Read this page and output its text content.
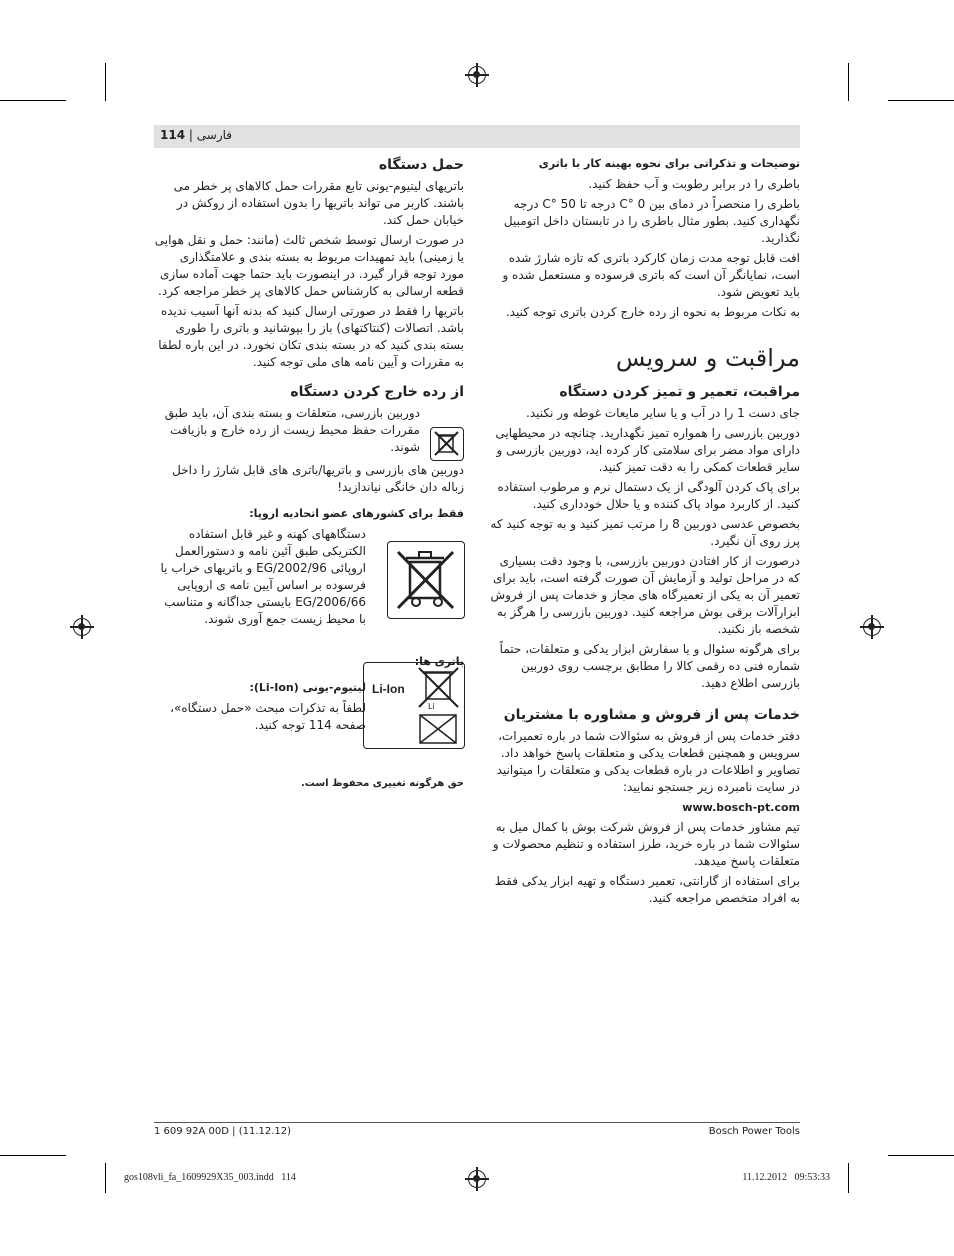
114 | فارسی
توضیحات و تذکراتی برای نحوه بهینه کار با باتری

باطری را در برابر رطوبت و آب حفظ کنید.

باطری را منحصراً در دمای بین 0 °C درجه تا 50 °C درجه نگهداری کنید. بطور مثال باطری را در تابستان داخل اتومبیل نگذارید.

افت قابل توجه مدت زمان کارکرد باتری که تازه شارژ شده است، نمایانگر آن است که باتری فرسوده و مستعمل شده و باید تعویض شود.

به نکات مربوط به نحوه از رده خارج کردن باتری توجه کنید.

مراقبت و سرویس
مراقبت، تعمیر و تمیز کردن دستگاه

جای دست 1 را در آب و یا سایر مایعات غوطه ور نکنید.

دوربین بازرسی را همواره تمیز نگهدارید. چنانچه در محیطهایی دارای مواد مضر برای سلامتی کار کرده اید، دوربین بازرسی و سایر قطعات کمکی را به دقت تمیز کنید.

برای پاک کردن آلودگی از یک دستمال نرم و مرطوب استفاده کنید. از کاربرد مواد پاک کننده و یا حلال خودداری کنید.

بخصوص عدسی دوربین 8 را مرتب تمیز کنید و به توجه کنید که پرز روی آن نگیرد.

درصورت از کار افتادن دوربین بازرسی، با وجود دقت بسیاری که در مراحل تولید و آزمایش آن صورت گرفته است، باید برای تعمیر آن به یکی از تعمیرگاه های مجاز و خدمات پس از فروش ابزارآلات برقی بوش مراجعه کنید. دوربین بازرسی را هرگز به شخصه باز نکنید.

برای هرگونه سئوال و یا سفارش ابزار یدکی و متعلقات، حتماً شماره فنی ده رقمی کالا را مطابق برچسب روی دوربین بازرسی اطلاع دهید.

خدمات پس از فروش و مشاوره با مشتریان

دفتر خدمات پس از فروش به سئوالات شما در باره تعمیرات، سرویس و همچنین قطعات یدکی و متعلقات پاسخ خواهد داد. تصاویر و اطلاعات در باره قطعات یدکی و متعلقات را میتوانید در سایت نامبرده زیر جستجو نمایید:

www.bosch-pt.com

تیم مشاور خدمات پس از فروش شرکت بوش با کمال میل به سئوالات شما در باره خرید، طرز استفاده و تنظیم محصولات و متعلقات پاسخ میدهد.

برای استفاده از گارانتی، تعمیر دستگاه و تهیه ابزار یدکی فقط به افراد متخصص مراجعه کنید.

حمل دستگاه

باتریهای لیتیوم-یونی تابع مقررات حمل کالاهای پر خطر می باشند. کاربر می تواند باتریها را بدون استفاده از روکش در خیابان حمل کند.

در صورت ارسال توسط شخص ثالث (مانند: حمل و نقل هوایی یا زمینی) باید تمهیدات مربوط به بسته بندی و علامتگذاری مورد توجه قرار گیرد. در اینصورت باید حتما جهت آماده سازی قطعه ارسالی به کارشناس حمل کالاهای پر خطر مراجعه کرد.

باتریها را فقط در صورتی ارسال کنید که بدنه آنها آسیب ندیده باشد. اتصالات (کنتاکتهای) باز را بپوشانید و باتری را طوری بسته بندی کنید که در بسته بندی تکان نخورد. در این باره لطفا به مقررات و آیین نامه های ملی توجه کنید.

از رده خارج کردن دستگاه

دوربین بازرسی، متعلقات و بسته بندی آن، باید طبق مقررات حفظ محیط زیست از رده خارج و بازیافت شوند.

دوربین های بازرسی و باتریها/باتری های قابل شارژ را داخل زباله دان خانگی نیاندازید!

فقط برای کشورهای عضو اتحادیه اروپا:

دستگاههای کهنه و غیر قابل استفاده الکتریکی طبق آئین نامه و دستورالعمل اروپائی 2002/96/EG و باتریهای خراب یا فرسوده بر اساس آیین نامه ی اروپایی 2006/66/EG بایستی جداگانه و متناسب با محیط زیست جمع آوری شوند.

باتری ها:
لیتیوم-یونی (Li-Ion):

لطفاً به تذکرات مبحث «حمل دستگاه»، صفحه 114 توجه کنید.

Li-Ion
Li
حق هرگونه تغییری محفوظ است.
1 609 92A 00D | (11.12.12)	Bosch Power Tools
gos108vli_fa_1609929X35_003.indd   114	11.12.2012   09:53:33
